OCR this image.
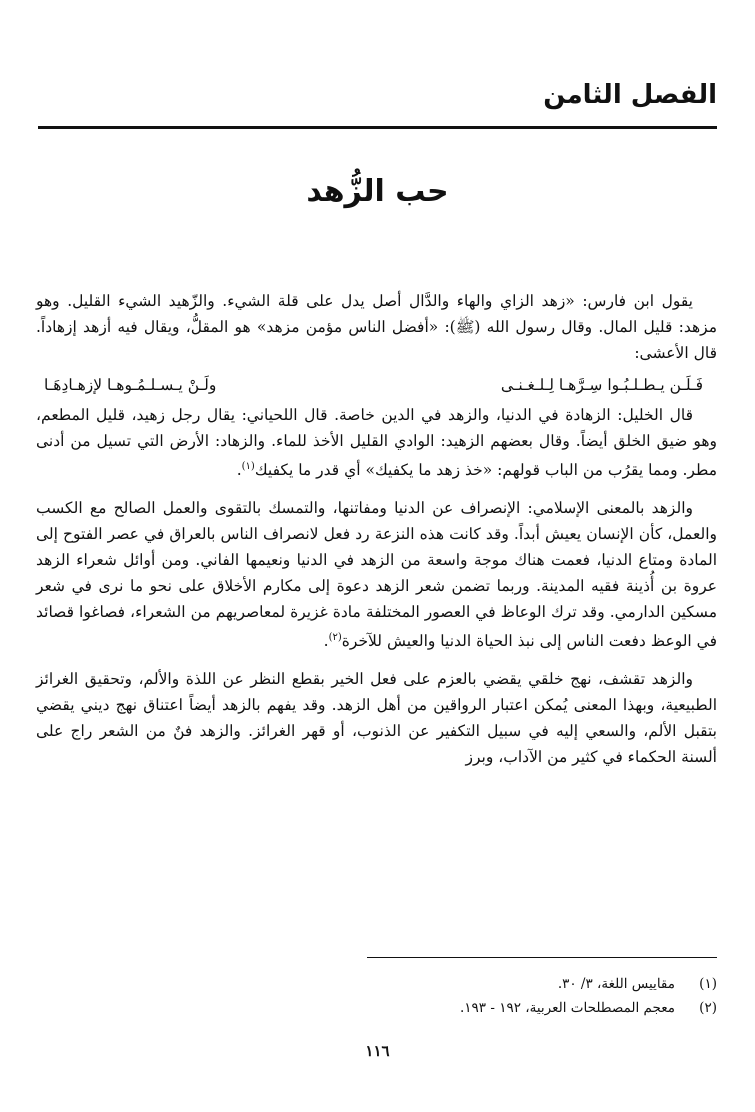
الفصل الثامن
حب الزُّهد

يقول ابن فارس: «زهد الزاي والهاء والدَّال أصل يدل على قلة الشيء. والزّهيد الشيء القليل. وهو مزهد: قليل المال. وقال رسول الله (ﷺ): «أفضل الناس مؤمن مزهد» هو المقلُّ، ويقال فيه أزهد إزهاداً. قال الأعشى:

فَـلَـن يـطـلـبُـوا سِـرَّهـا لِـلـغـنـى
ولَـنْ يـسـلـمُـوهـا لإزهـادِهَـا

قال الخليل: الزهادة في الدنيا، والزهد في الدين خاصة. قال اللحياني: يقال رجل زهيد، قليل المطعم، وهو ضيق الخلق أيضاً. وقال بعضهم الزهيد: الوادي القليل الأخذ للماء. والزهاد: الأرض التي تسيل من أدنى مطر. ومما يقرُب من الباب قولهم: «خذ زهد ما يكفيك» أي قدر ما يكفيك$^{(١)}$.

والزهد بالمعنى الإسلامي: الإنصراف عن الدنيا ومفاتنها، والتمسك بالتقوى والعمل الصالح مع الكسب والعمل، كأن الإنسان يعيش أبداً. وقد كانت هذه النزعة رد فعل لانصراف الناس بالعراق في عصر الفتوح إلى المادة ومتاع الدنيا، فعمت هناك موجة واسعة من الزهد في الدنيا ونعيمها الفاني. ومن أوائل شعراء الزهد عروة بن أُذينة فقيه المدينة. وربما تضمن شعر الزهد دعوة إلى مكارم الأخلاق على نحو ما نرى في شعر مسكين الدارمي. وقد ترك الوعاظ في العصور المختلفة مادة غزيرة لمعاصريهم من الشعراء، فصاغوا قصائد في الوعظ دفعت الناس إلى نبذ الحياة الدنيا والعيش للآخرة$^{(٢)}$.

والزهد تقشف، نهج خلقي يقضي بالعزم على فعل الخير بقطع النظر عن اللذة والألم، وتحقيق الغرائز الطبيعية، وبهذا المعنى يُمكن اعتبار الرواقين من أهل الزهد. وقد يفهم بالزهد أيضاً اعتناق نهج ديني يقضي بتقبل الألم، والسعي إليه في سبيل التكفير عن الذنوب، أو قهر الغرائز. والزهد فنٌ من الشعر راج على ألسنة الحكماء في كثير من الآداب، وبرز

(١)
مقاييس اللغة، ٣/ ٣٠.
(٢)
معجم المصطلحات العربية، ١٩٢ - ١٩٣.
١١٦
